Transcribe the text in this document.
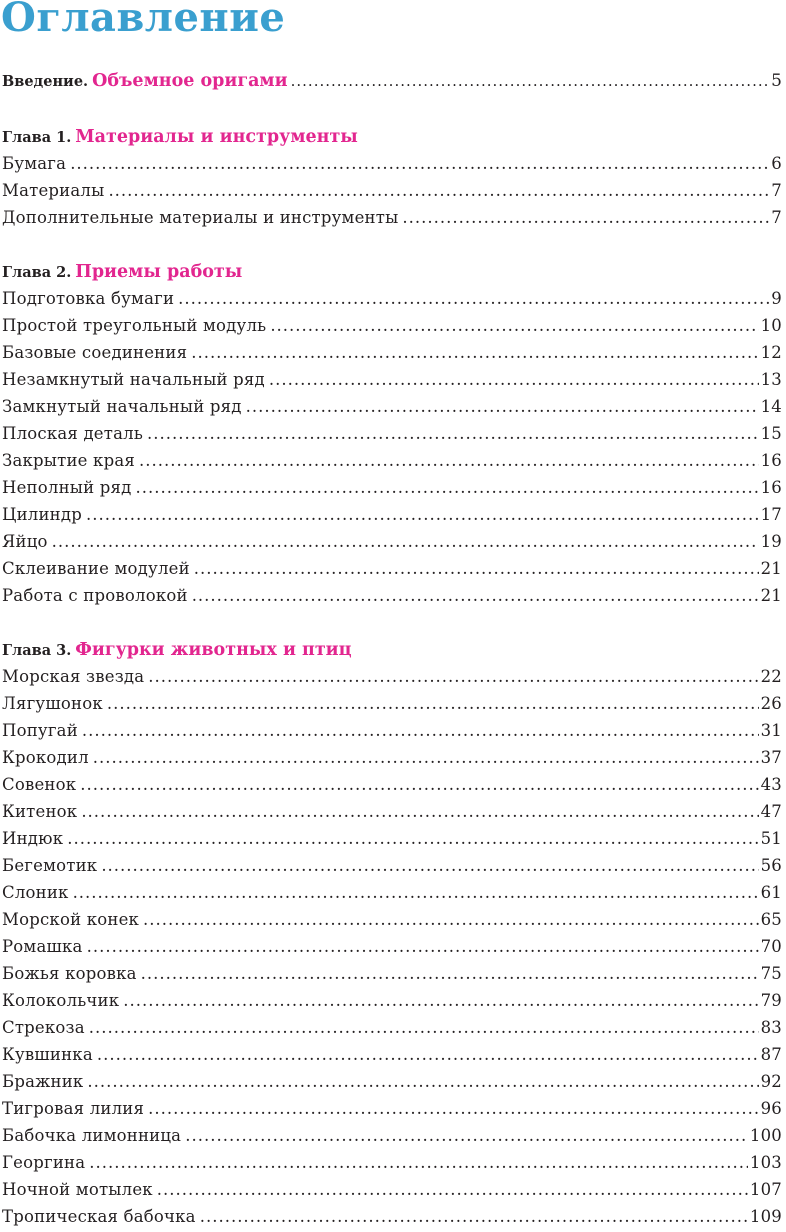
Оглавление
Введение. Объемное оригами .....	5
Глава 1. Материалы и инструменты
Бумага .....	6
Материалы .....	7
Дополнительные материалы и инструменты .....	7
Глава 2. Приемы работы
Подготовка бумаги .....	9
Простой треугольный модуль .....	10
Базовые соединения .....	12
Незамкнутый начальный ряд .....	13
Замкнутый начальный ряд .....	14
Плоская деталь .....	15
Закрытие края .....	16
Неполный ряд .....	16
Цилиндр .....	17
Яйцо .....	19
Склеивание модулей .....	21
Работа с проволокой .....	21
Глава 3. Фигурки животных и птиц
Морская звезда .....	22
Лягушонок .....	26
Попугай .....	31
Крокодил .....	37
Совенок .....	43
Китенок .....	47
Индюк .....	51
Бегемотик .....	56
Слоник .....	61
Морской конек .....	65
Ромашка .....	70
Божья коровка .....	75
Колокольчик .....	79
Стрекоза .....	83
Кувшинка .....	87
Бражник .....	92
Тигровая лилия .....	96
Бабочка лимонница .....	100
Георгина .....	103
Ночной мотылек .....	107
Тропическая бабочка .....	109
